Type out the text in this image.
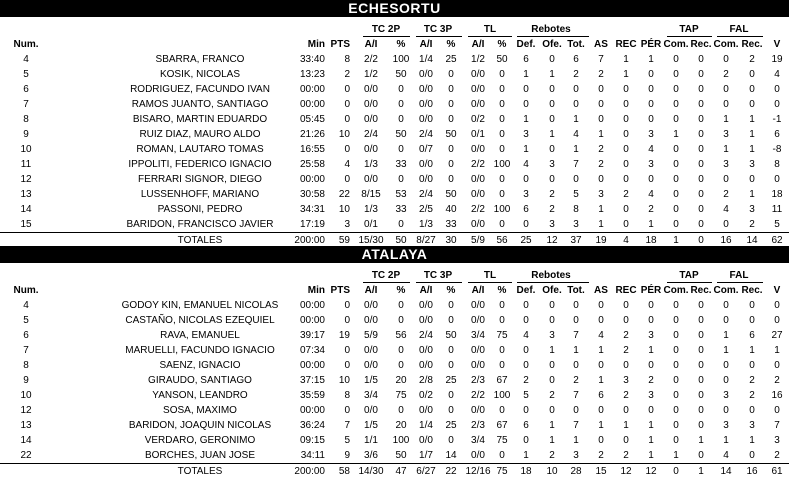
ECHESORTU
TC 2P TC 3P	TL	Rebotes	TAP	FAL
Num.	Min PTS A/I % A/I % A/I % Def. Ofe. Tot. AS REC PÉR Com. Rec. Com. Rec. V
4	SBARRA, FRANCO	33:40 8 2/2 100 1/4 25 1/2 50 6 0 6 7 1 1 0 0 0 2 19
5	KOSIK, NICOLAS	13:23 2 1/2 50 0/0 0 0/0 0 1 1 2 2 1 0 0 0 2 0 4
6	RODRIGUEZ, FACUNDO IVAN	00:00 0 0/0 0 0/0 0 0/0 0 0 0 0 0 0 0 0 0 0 0 0
7	RAMOS JUANTO, SANTIAGO	00:00 0 0/0 0 0/0 0 0/0 0 0 0 0 0 0 0 0 0 0 0 0
8	BISARO, MARTIN EDUARDO	05:45 0 0/0 0 0/0 0 0/2 0 1 0 1 0 0 0 0 0 1 1 -1
9	RUIZ DIAZ, MAURO ALDO	21:26 10 2/4 50 2/4 50 0/1 0 3 1 4 1 0 3 1 0 3 1 6
10	ROMAN, LAUTARO TOMAS	16:55 0 0/0 0 0/7 0 0/0 0 1 0 1 2 0 4 0 0 1 1 -8
11	IPPOLITI, FEDERICO IGNACIO	25:58 4 1/3 33 0/0 0 2/2 100 4 3 7 2 0 3 0 0 3 3 8
12	FERRARI SIGNOR, DIEGO	00:00 0 0/0 0 0/0 0 0/0 0 0 0 0 0 0 0 0 0 0 0 0
13	LUSSENHOFF, MARIANO	30:58 22 8/15 53 2/4 50 0/0 0 3 2 5 3 2 4 0 0 2 1 18
14	PASSONI, PEDRO	34:31 10 1/3 33 2/5 40 2/2 100 6 2 8 1 0 2 0 0 4 3 11
15	BARIDON, FRANCISCO JAVIER	17:19 3 0/1 0 1/3 33 0/0 0 0 3 3 1 0 1 0 0 0 2 5
TOTALES	200:00 59 15/30 50 8/27 30 5/9 56 25 12 37 19 4 18 1 0 16 14 62
ATALAYA
TC 2P TC 3P	TL	Rebotes	TAP	FAL
Num.	Min PTS A/I % A/I % A/I % Def. Ofe. Tot. AS REC PÉR Com. Rec. Com. Rec. V
4	GODOY KIN, EMANUEL NICOLAS 00:00 0 0/0 0 0/0 0 0/0 0 0 0 0 0 0 0 0 0 0 0 0
5	CASTAÑO, NICOLAS EZEQUIEL	00:00 0 0/0 0 0/0 0 0/0 0 0 0 0 0 0 0 0 0 0 0 0
6	RAVA, EMANUEL	39:17 19 5/9 56 2/4 50 3/4 75 4 3 7 4 2 3 0 0 1 6 27
7	MARUELLI, FACUNDO IGNACIO	07:34 0 0/0 0 0/0 0 0/0 0 0 1 1 1 2 1 0 0 1 1 1
8	SAENZ, IGNACIO	00:00 0 0/0 0 0/0 0 0/0 0 0 0 0 0 0 0 0 0 0 0 0
9	GIRAUDO, SANTIAGO	37:15 10 1/5 20 2/8 25 2/3 67 2 0 2 1 3 2 0 0 0 2 2
10	YANSON, LEANDRO	35:59 8 3/4 75 0/2 0 2/2 100 5 2 7 6 2 3 0 0 3 2 16
12	SOSA, MAXIMO	00:00 0 0/0 0 0/0 0 0/0 0 0 0 0 0 0 0 0 0 0 0 0
13	BARIDON, JOAQUIN NICOLAS	36:24 7 1/5 20 1/4 25 2/3 67 6 1 7 1 1 1 0 0 3 3 7
14	VERDARO, GERONIMO	09:15 5 1/1 100 0/0 0 3/4 75 0 1 1 0 0 1 0 1 1 1 3
22	BORCHES, JUAN JOSE	34:11 9 3/6 50 1/7 14 0/0 0 1 2 3 2 2 1 1 0 4 0 2
TOTALES	200:00 58 14/30 47 6/27 22 12/16 75 18 10 28 15 12 12 0 1 14 16 61
